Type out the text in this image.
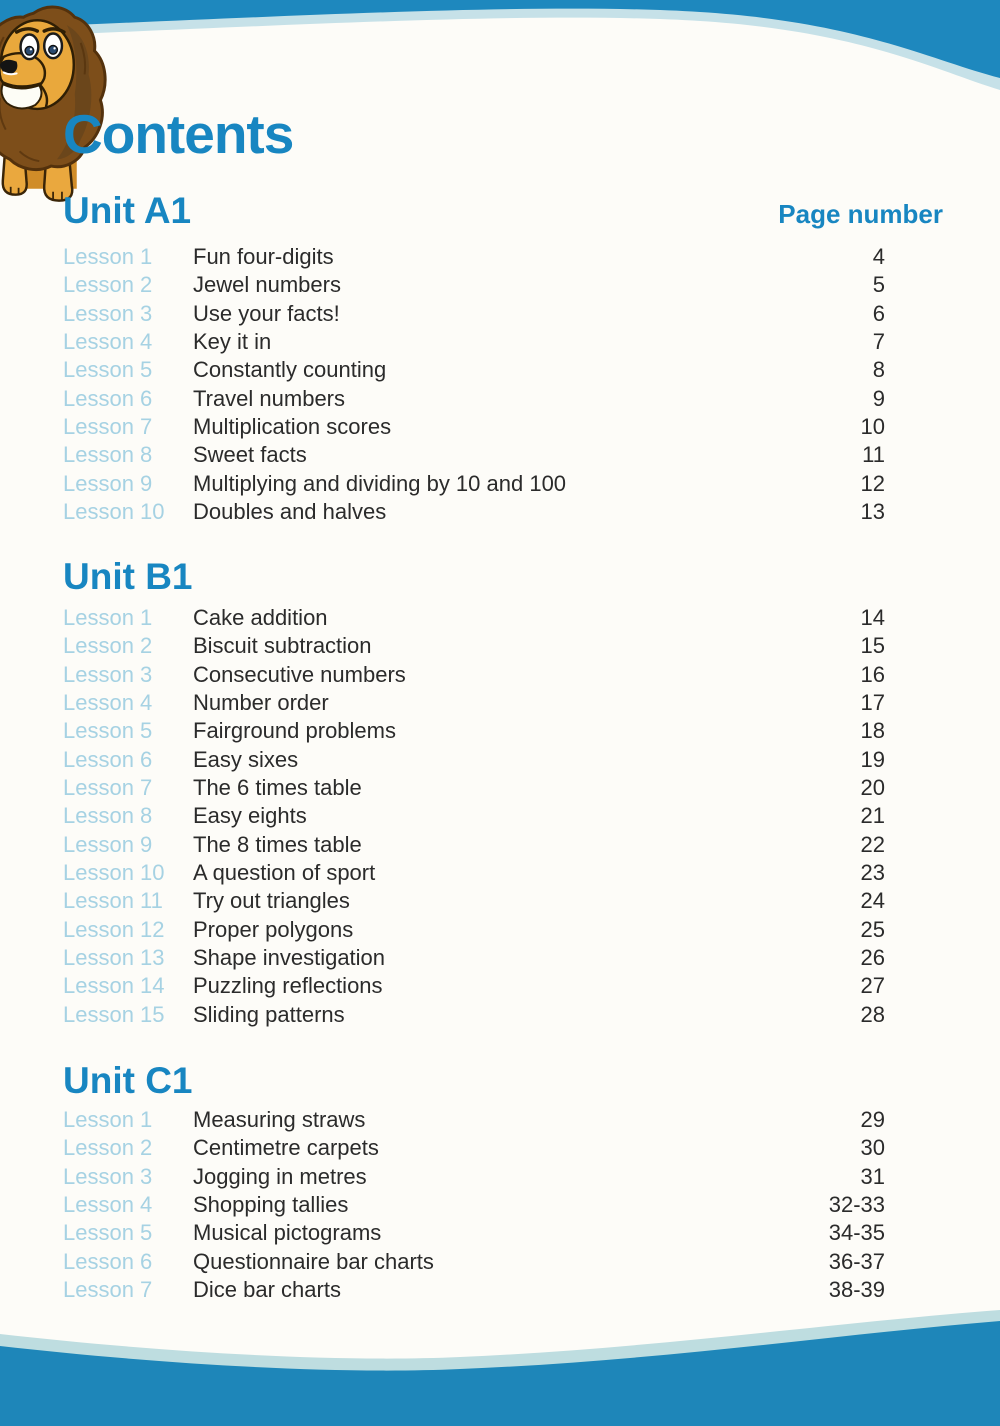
Contents
Unit A1	Page number
Lesson 1	Fun four-digits	4
Lesson 2	Jewel numbers	5
Lesson 3	Use your facts!	6
Lesson 4	Key it in	7
Lesson 5	Constantly counting	8
Lesson 6	Travel numbers	9
Lesson 7	Multiplication scores	10
Lesson 8	Sweet facts	11
Lesson 9	Multiplying and dividing by 10 and 100	12
Lesson 10	Doubles and halves	13
Unit B1
Lesson 1	Cake addition	14
Lesson 2	Biscuit subtraction	15
Lesson 3	Consecutive numbers	16
Lesson 4	Number order	17
Lesson 5	Fairground problems	18
Lesson 6	Easy sixes	19
Lesson 7	The 6 times table	20
Lesson 8	Easy eights	21
Lesson 9	The 8 times table	22
Lesson 10	A question of sport	23
Lesson 11	Try out triangles	24
Lesson 12	Proper polygons	25
Lesson 13	Shape investigation	26
Lesson 14	Puzzling reflections	27
Lesson 15	Sliding patterns	28
Unit C1
Lesson 1	Measuring straws	29
Lesson 2	Centimetre carpets	30
Lesson 3	Jogging in metres	31
Lesson 4	Shopping tallies	32-33
Lesson 5	Musical pictograms	34-35
Lesson 6	Questionnaire bar charts	36-37
Lesson 7	Dice bar charts	38-39
